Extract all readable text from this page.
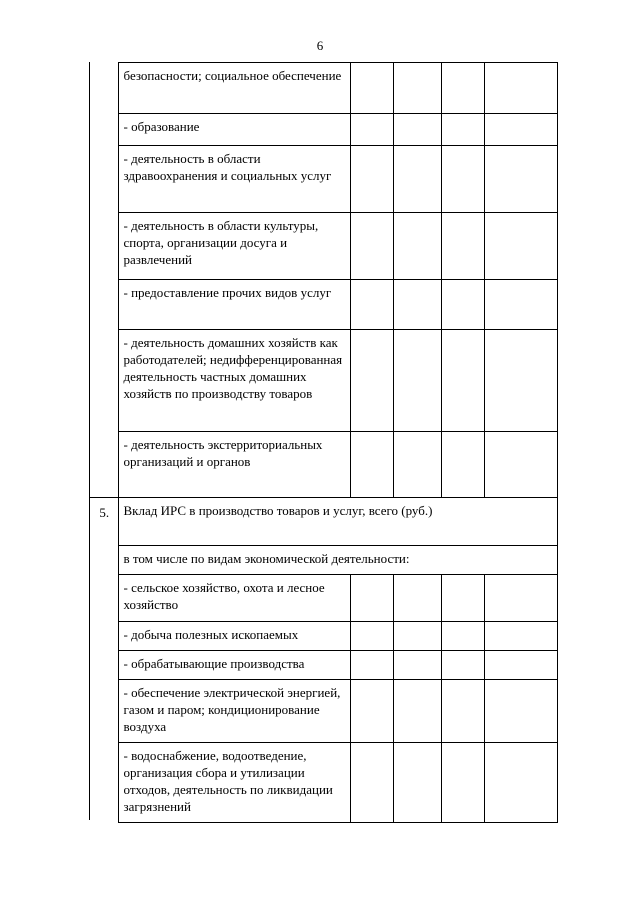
6
	безопасности; социальное обеспечение				
	- образование				
	- деятельность в области здравоохранения и социальных услуг				
	- деятельность в области культуры, спорта, организации досуга и развлечений				
	- предоставление прочих видов услуг				
	- деятельность домашних хозяйств как работодателей; недифференцированная деятельность частных домашних хозяйств по производству товаров				
	- деятельность экстерриториальных организаций и органов				
5.	Вклад ИРС в производство товаров и услуг, всего (руб.)				
	в том числе по видам экономической деятельности:				
	- сельское хозяйство, охота и лесное хозяйство				
	- добыча полезных ископаемых				
	- обрабатывающие производства				
	- обеспечение электрической энергией, газом и паром; кондиционирование воздуха				
	- водоснабжение, водоотведение, организация сбора и утилизации отходов, деятельность по ликвидации загрязнений				
